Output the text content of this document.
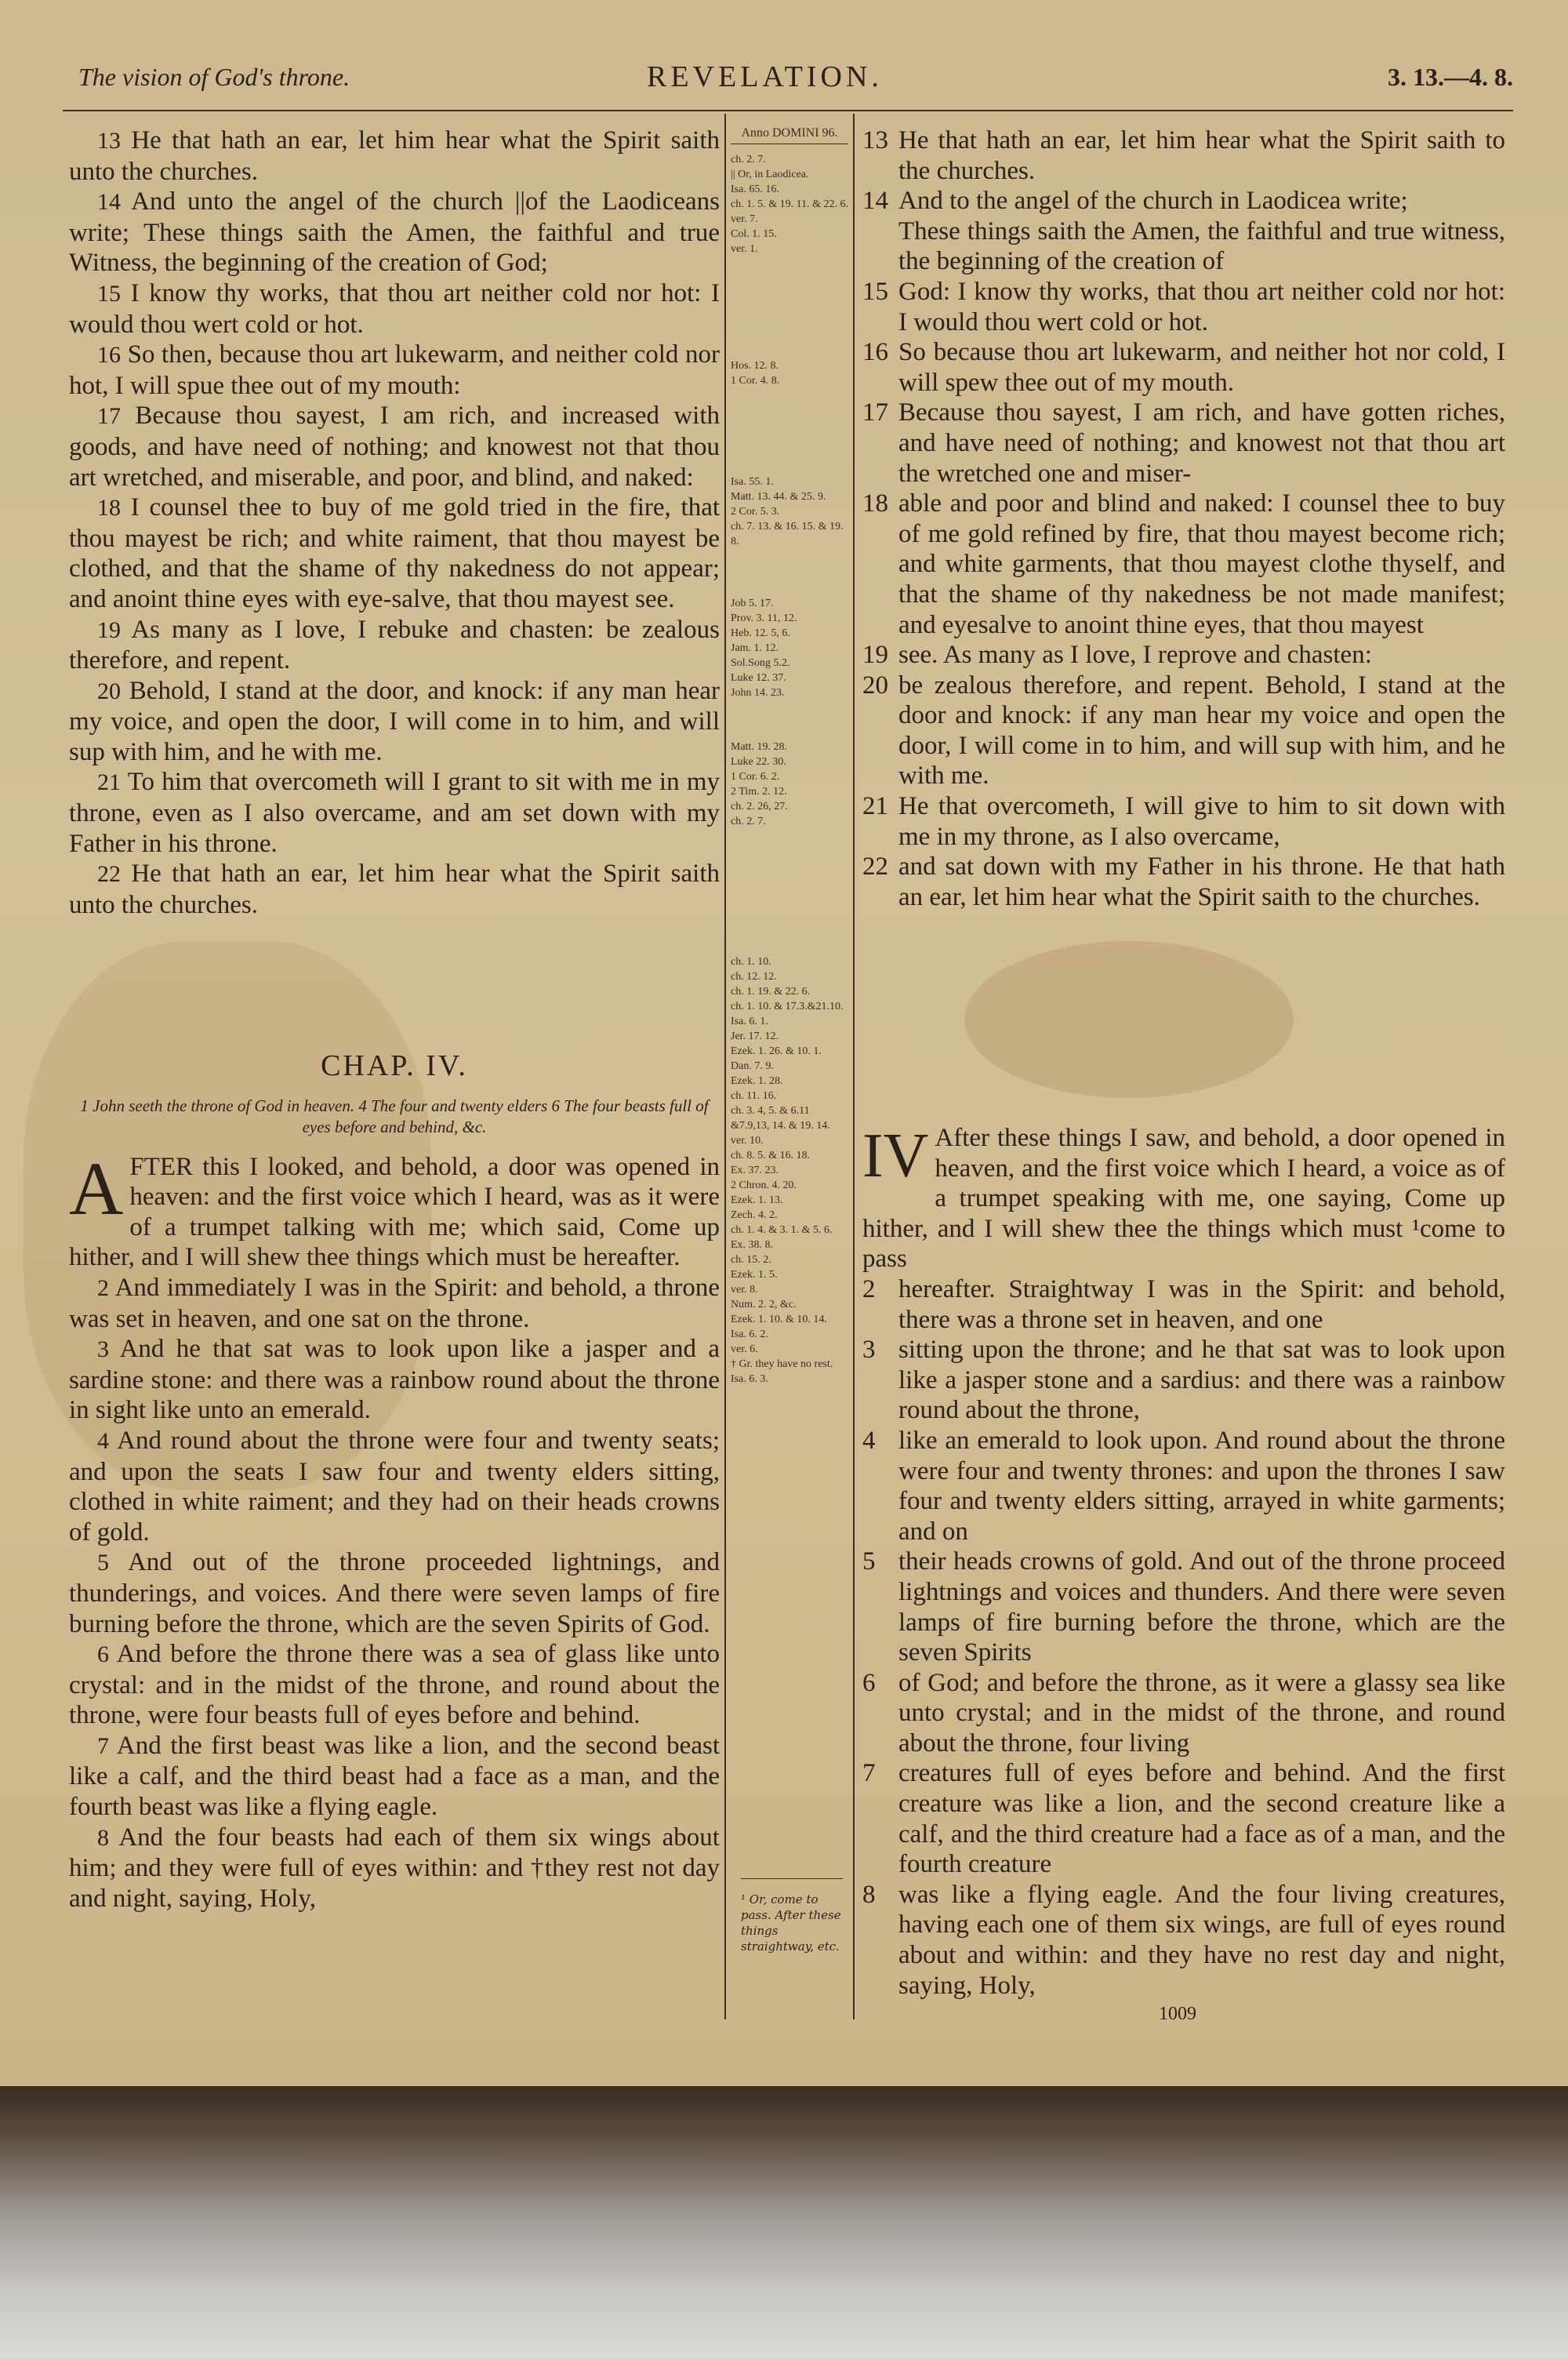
The vision of God's throne.	REVELATION.	3. 13.—4. 8.
13 He that hath an ear, let him hear what the Spirit saith unto the churches.
14 And unto the angel of the church ||of the Laodiceans write; These things saith the Amen, the faithful and true Witness, the beginning of the creation of God;
15 I know thy works, that thou art neither cold nor hot: I would thou wert cold or hot.
16 So then, because thou art lukewarm, and neither cold nor hot, I will spue thee out of my mouth:
17 Because thou sayest, I am rich, and increased with goods, and have need of nothing; and knowest not that thou art wretched, and miserable, and poor, and blind, and naked:
18 I counsel thee to buy of me gold tried in the fire, that thou mayest be rich; and white raiment, that thou mayest be clothed, and that the shame of thy nakedness do not appear; and anoint thine eyes with eye-salve, that thou mayest see.
19 As many as I love, I rebuke and chasten: be zealous therefore, and repent.
20 Behold, I stand at the door, and knock: if any man hear my voice, and open the door, I will come in to him, and will sup with him, and he with me.
21 To him that overcometh will I grant to sit with me in my throne, even as I also overcame, and am set down with my Father in his throne.
22 He that hath an ear, let him hear what the Spirit saith unto the churches.
CHAP. IV.
1 John seeth the throne of God in heaven. 4 The four and twenty elders 6 The four beasts full of eyes before and behind, &c.
A FTER this I looked, and behold, a door was opened in heaven: and the first voice which I heard, was as it were of a trumpet talking with me; which said, Come up hither, and I will shew thee things which must be hereafter.
2 And immediately I was in the Spirit: and behold, a throne was set in heaven, and one sat on the throne.
3 And he that sat was to look upon like a jasper and a sardine stone: and there was a rainbow round about the throne in sight like unto an emerald.
4 And round about the throne were four and twenty seats; and upon the seats I saw four and twenty elders sitting, clothed in white raiment; and they had on their heads crowns of gold.
5 And out of the throne proceeded lightnings, and thunderings, and voices. And there were seven lamps of fire burning before the throne, which are the seven Spirits of God.
6 And before the throne there was a sea of glass like unto crystal: and in the midst of the throne, and round about the throne, were four beasts full of eyes before and behind.
7 And the first beast was like a lion, and the second beast like a calf, and the third beast had a face as a man, and the fourth beast was like a flying eagle.
8 And the four beasts had each of them six wings about him; and they were full of eyes within: and †they rest not day and night, saying, Holy,
Anno DOMINI 96.
ch. 2. 7.
|| Or, in Laodicea.
Isa. 65. 16.
ch. 1. 5. & 19. 11. & 22. 6.
ver. 7.
Col. 1. 15.
ver. 1.
Hos. 12. 8.
1 Cor. 4. 8.
Isa. 55. 1.
Matt. 13. 44. & 25. 9.
2 Cor. 5. 3.
ch. 7. 13. & 16. 15. & 19. 8.
Job 5. 17.
Prov. 3. 11, 12.
Heb. 12. 5, 6.
Jam. 1. 12.
Sol.Song 5.2.
Luke 12. 37.
John 14. 23.
Matt. 19. 28.
Luke 22. 30.
1 Cor. 6. 2.
2 Tim. 2. 12.
ch. 2. 26, 27.
ch. 2. 7.
ch. 1. 10.
ch. 12. 12.
ch. 1. 19. & 22. 6.
ch. 1. 10. & 17.3.&21.10.
Isa. 6. 1.
Jer. 17. 12.
Ezek. 1. 26. & 10. 1.
Dan. 7. 9.
Ezek. 1. 28.
ch. 11. 16.
ch. 3. 4, 5. & 6.11 &7.9,13, 14. & 19. 14.
ver. 10.
ch. 8. 5. & 16. 18.
Ex. 37. 23.
2 Chron. 4. 20.
Ezek. 1. 13.
Zech. 4. 2.
ch. 1. 4. & 3. 1. & 5. 6.
Ex. 38. 8.
ch. 15. 2.
Ezek. 1. 5.
ver. 8.
Num. 2. 2, &c.
Ezek. 1. 10. & 10. 14.
Isa. 6. 2.
ver. 6.
† Gr. they have no rest.
Isa. 6. 3.
¹ Or, come to pass. After these things straightway, etc.
13 He that hath an ear, let him hear what the Spirit saith to the churches.
14 And to the angel of the church in Laodicea write;
These things saith the Amen, the faithful and true witness, the beginning of the creation of
15 God: I know thy works, that thou art neither cold nor hot: I would thou wert cold or hot.
16 So because thou art lukewarm, and neither hot nor cold, I will spew thee out of my mouth.
17 Because thou sayest, I am rich, and have gotten riches, and have need of nothing; and knowest not that thou art the wretched one and miser-
18 able and poor and blind and naked: I counsel thee to buy of me gold refined by fire, that thou mayest become rich; and white garments, that thou mayest clothe thyself, and that the shame of thy nakedness be not made manifest; and eyesalve to anoint thine eyes, that thou mayest
19 see. As many as I love, I reprove and chasten:
20 be zealous therefore, and repent. Behold, I stand at the door and knock: if any man hear my voice and open the door, I will come in to him, and will sup with him, and he with me.
21 He that overcometh, I will give to him to sit down with me in my throne, as I also overcame,
22 and sat down with my Father in his throne. He that hath an ear, let him hear what the Spirit saith to the churches.
IV After these things I saw, and behold, a door opened in heaven, and the first voice which I heard, a voice as of a trumpet speaking with me, one saying, Come up hither, and I will shew thee the things which must ¹come to pass
2 hereafter. Straightway I was in the Spirit: and behold, there was a throne set in heaven, and one
3 sitting upon the throne; and he that sat was to look upon like a jasper stone and a sardius: and there was a rainbow round about the throne,
4 like an emerald to look upon. And round about the throne were four and twenty thrones: and upon the thrones I saw four and twenty elders sitting, arrayed in white garments; and on
5 their heads crowns of gold. And out of the throne proceed lightnings and voices and thunders. And there were seven lamps of fire burning before the throne, which are the seven Spirits
6 of God; and before the throne, as it were a glassy sea like unto crystal; and in the midst of the throne, and round about the throne, four living
7 creatures full of eyes before and behind. And the first creature was like a lion, and the second creature like a calf, and the third creature had a face as of a man, and the fourth creature
8 was like a flying eagle. And the four living creatures, having each one of them six wings, are full of eyes round about and within: and they have no rest day and night, saying, Holy,
1009
